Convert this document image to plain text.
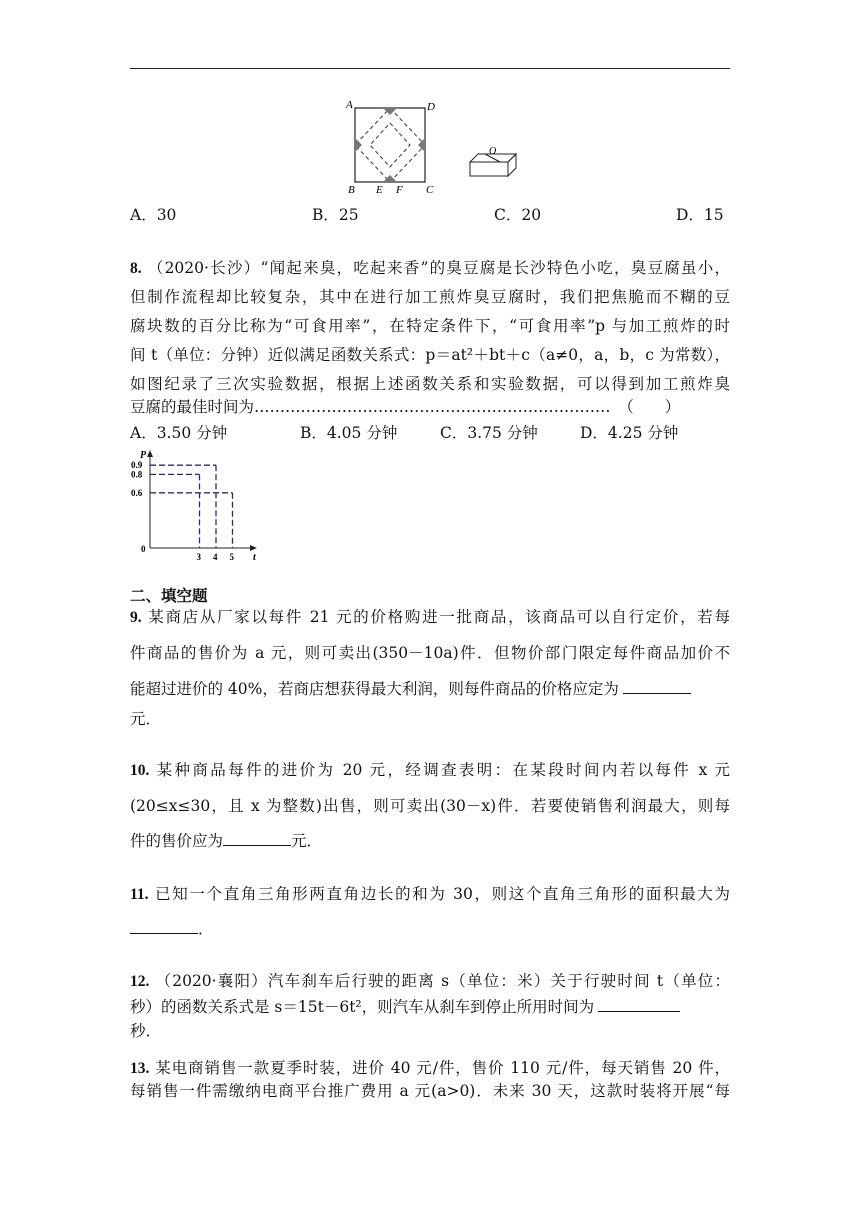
A	D
B E F C
O
A．30	B．25	C．20	D．15
8. （2020·长沙）“闻起来臭，吃起来香”的臭豆腐是长沙特色小吃，臭豆腐虽小，
但制作流程却比较复杂，其中在进行加工煎炸臭豆腐时，我们把焦脆而不糊的豆
腐块数的百分比称为“可食用率”，在特定条件下，“可食用率”p 与加工煎炸的时
间 t（单位：分钟）近似满足函数关系式：p＝at²＋bt＋c（a≠0，a，b，c 为常数），
如图纪录了三次实验数据，根据上述函数关系和实验数据，可以得到加工煎炸臭
豆腐的最佳时间为……………………………………………………………　（　　）
A．3.50 分钟	B．4.05 分钟	C．3.75 分钟	D．4.25 分钟
P
t
0
3 4 5
0.9
0.8
0.6
二、填空题
9. 某商店从厂家以每件 21 元的价格购进一批商品，该商品可以自行定价，若每
件商品的售价为 a 元，则可卖出(350－10a)件．但物价部门限定每件商品加价不
能超过进价的 40%，若商店想获得最大利润，则每件商品的价格应定为
元．
10. 某种商品每件的进价为 20 元，经调查表明：在某段时间内若以每件 x 元
(20≤x≤30，且 x 为整数)出售，则可卖出(30－x)件．若要使销售利润最大，则每
件的售价应为	元．
11. 已知一个直角三角形两直角边长的和为 30，则这个直角三角形的面积最大为
．
12. （2020·襄阳）汽车刹车后行驶的距离 s（单位：米）关于行驶时间 t（单位：
秒）的函数关系式是 s＝15t－6t²，则汽车从刹车到停止所用时间为
秒．
13. 某电商销售一款夏季时装，进价 40 元/件，售价 110 元/件，每天销售 20 件，
每销售一件需缴纳电商平台推广费用 a 元(a>0)．未来 30 天，这款时装将开展“每
